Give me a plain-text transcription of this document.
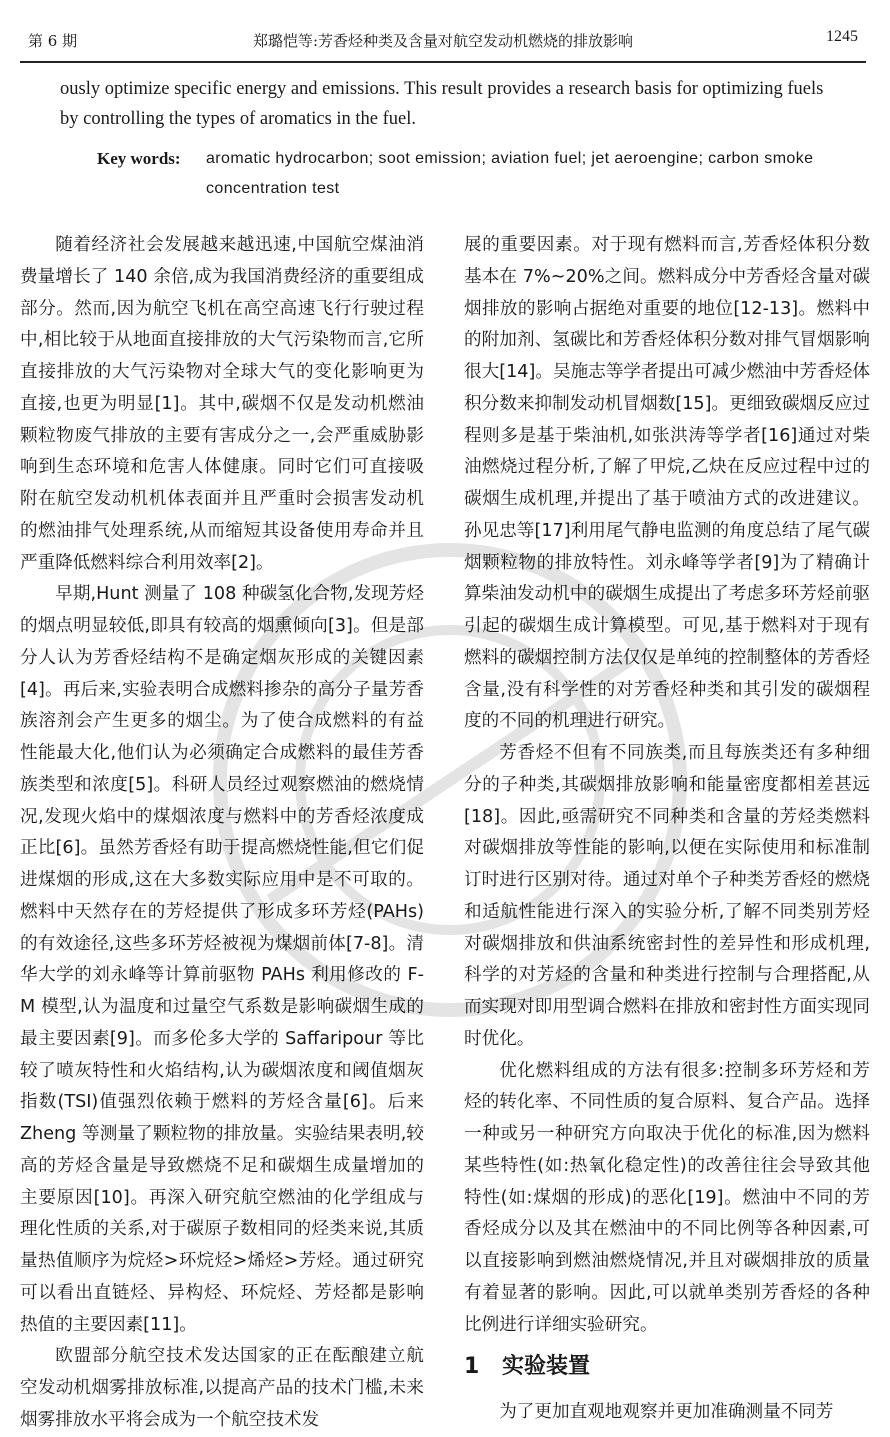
第 6 期	郑璐恺等:芳香烃种类及含量对航空发动机燃烧的排放影响	1245
ously optimize specific energy and emissions. This result provides a research basis for optimizing fuels by controlling the types of aromatics in the fuel.
Key words: aromatic hydrocarbon; soot emission; aviation fuel; jet aeroengine; carbon smoke concentration test

随着经济社会发展越来越迅速,中国航空煤油消费量增长了 140 余倍,成为我国消费经济的重要组成部分。然而,因为航空飞机在高空高速飞行行驶过程中,相比较于从地面直接排放的大气污染物而言,它所直接排放的大气污染物对全球大气的变化影响更为直接,也更为明显[1]。其中,碳烟不仅是发动机燃油颗粒物废气排放的主要有害成分之一,会严重威胁影响到生态环境和危害人体健康。同时它们可直接吸附在航空发动机机体表面并且严重时会损害发动机的燃油排气处理系统,从而缩短其设备使用寿命并且严重降低燃料综合利用效率[2]。

早期,Hunt 测量了 108 种碳氢化合物,发现芳烃的烟点明显较低,即具有较高的烟熏倾向[3]。但是部分人认为芳香烃结构不是确定烟灰形成的关键因素[4]。再后来,实验表明合成燃料掺杂的高分子量芳香族溶剂会产生更多的烟尘。为了使合成燃料的有益性能最大化,他们认为必须确定合成燃料的最佳芳香族类型和浓度[5]。科研人员经过观察燃油的燃烧情况,发现火焰中的煤烟浓度与燃料中的芳香烃浓度成正比[6]。虽然芳香烃有助于提高燃烧性能,但它们促进煤烟的形成,这在大多数实际应用中是不可取的。燃料中天然存在的芳烃提供了形成多环芳烃(PAHs)的有效途径,这些多环芳烃被视为煤烟前体[7-8]。清华大学的刘永峰等计算前驱物 PAHs 利用修改的 F-M 模型,认为温度和过量空气系数是影响碳烟生成的最主要因素[9]。而多伦多大学的 Saffaripour 等比较了喷灰特性和火焰结构,认为碳烟浓度和阈值烟灰指数(TSI)值强烈依赖于燃料的芳烃含量[6]。后来 Zheng 等测量了颗粒物的排放量。实验结果表明,较高的芳烃含量是导致燃烧不足和碳烟生成量增加的主要原因[10]。再深入研究航空燃油的化学组成与理化性质的关系,对于碳原子数相同的烃类来说,其质量热值顺序为烷烃>环烷烃>烯烃>芳烃。通过研究可以看出直链烃、异构烃、环烷烃、芳烃都是影响热值的主要因素[11]。

欧盟部分航空技术发达国家的正在酝酿建立航空发动机烟雾排放标准,以提高产品的技术门槛,未来烟雾排放水平将会成为一个航空技术发

展的重要因素。对于现有燃料而言,芳香烃体积分数基本在 7%~20%之间。燃料成分中芳香烃含量对碳烟排放的影响占据绝对重要的地位[12-13]。燃料中的附加剂、氢碳比和芳香烃体积分数对排气冒烟影响很大[14]。吴施志等学者提出可减少燃油中芳香烃体积分数来抑制发动机冒烟数[15]。更细致碳烟反应过程则多是基于柴油机,如张洪涛等学者[16]通过对柴油燃烧过程分析,了解了甲烷,乙炔在反应过程中过的碳烟生成机理,并提出了基于喷油方式的改进建议。孙见忠等[17]利用尾气静电监测的角度总结了尾气碳烟颗粒物的排放特性。刘永峰等学者[9]为了精确计算柴油发动机中的碳烟生成提出了考虑多环芳烃前驱引起的碳烟生成计算模型。可见,基于燃料对于现有燃料的碳烟控制方法仅仅是单纯的控制整体的芳香烃含量,没有科学性的对芳香烃种类和其引发的碳烟程度的不同的机理进行研究。

芳香烃不但有不同族类,而且每族类还有多种细分的子种类,其碳烟排放影响和能量密度都相差甚远[18]。因此,亟需研究不同种类和含量的芳烃类燃料对碳烟排放等性能的影响,以便在实际使用和标准制订时进行区别对待。通过对单个子种类芳香烃的燃烧和适航性能进行深入的实验分析,了解不同类别芳烃对碳烟排放和供油系统密封性的差异性和形成机理,科学的对芳烃的含量和种类进行控制与合理搭配,从而实现对即用型调合燃料在排放和密封性方面实现同时优化。

优化燃料组成的方法有很多:控制多环芳烃和芳烃的转化率、不同性质的复合原料、复合产品。选择一种或另一种研究方向取决于优化的标准,因为燃料某些特性(如:热氧化稳定性)的改善往往会导致其他特性(如:煤烟的形成)的恶化[19]。燃油中不同的芳香烃成分以及其在燃油中的不同比例等各种因素,可以直接影响到燃油燃烧情况,并且对碳烟排放的质量有着显著的影响。因此,可以就单类别芳香烃的各种比例进行详细实验研究。

1 实验装置

为了更加直观地观察并更加准确测量不同芳
